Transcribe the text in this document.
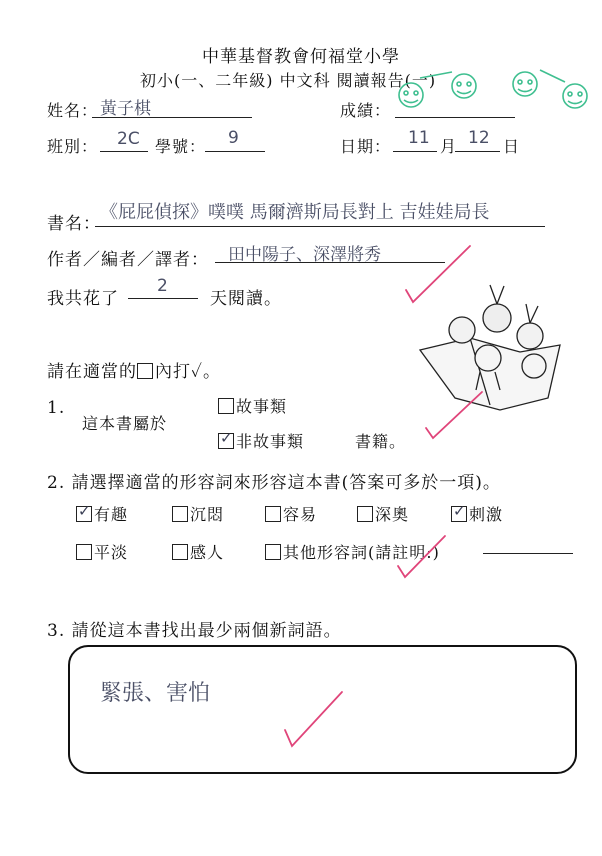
中華基督教會何福堂小學
初小(一、二年級) 中文科 閱讀報告(一)
姓名： 黃子棋	成績：
班別： 2C 學號： 9	日期： 11 月 12 日
書名：
《屁屁偵探》噗噗 馬爾濟斯局長對上 吉娃娃局長
作者／編者／譯者： 田中陽子、深澤將秀
我共花了
2
天閱讀。
請在適當的 內打✓。
1.
這本書屬於
故事類
✓ 非故事類	書籍。
2. 請選擇適當的形容詞來形容這本書(答案可多於一項)。
✓ 有趣	沉悶	容易	深奧	✓ 刺激
平淡	感人	其他形容詞(請註明:)
3. 請從這本書找出最少兩個新詞語。
緊張、害怕
